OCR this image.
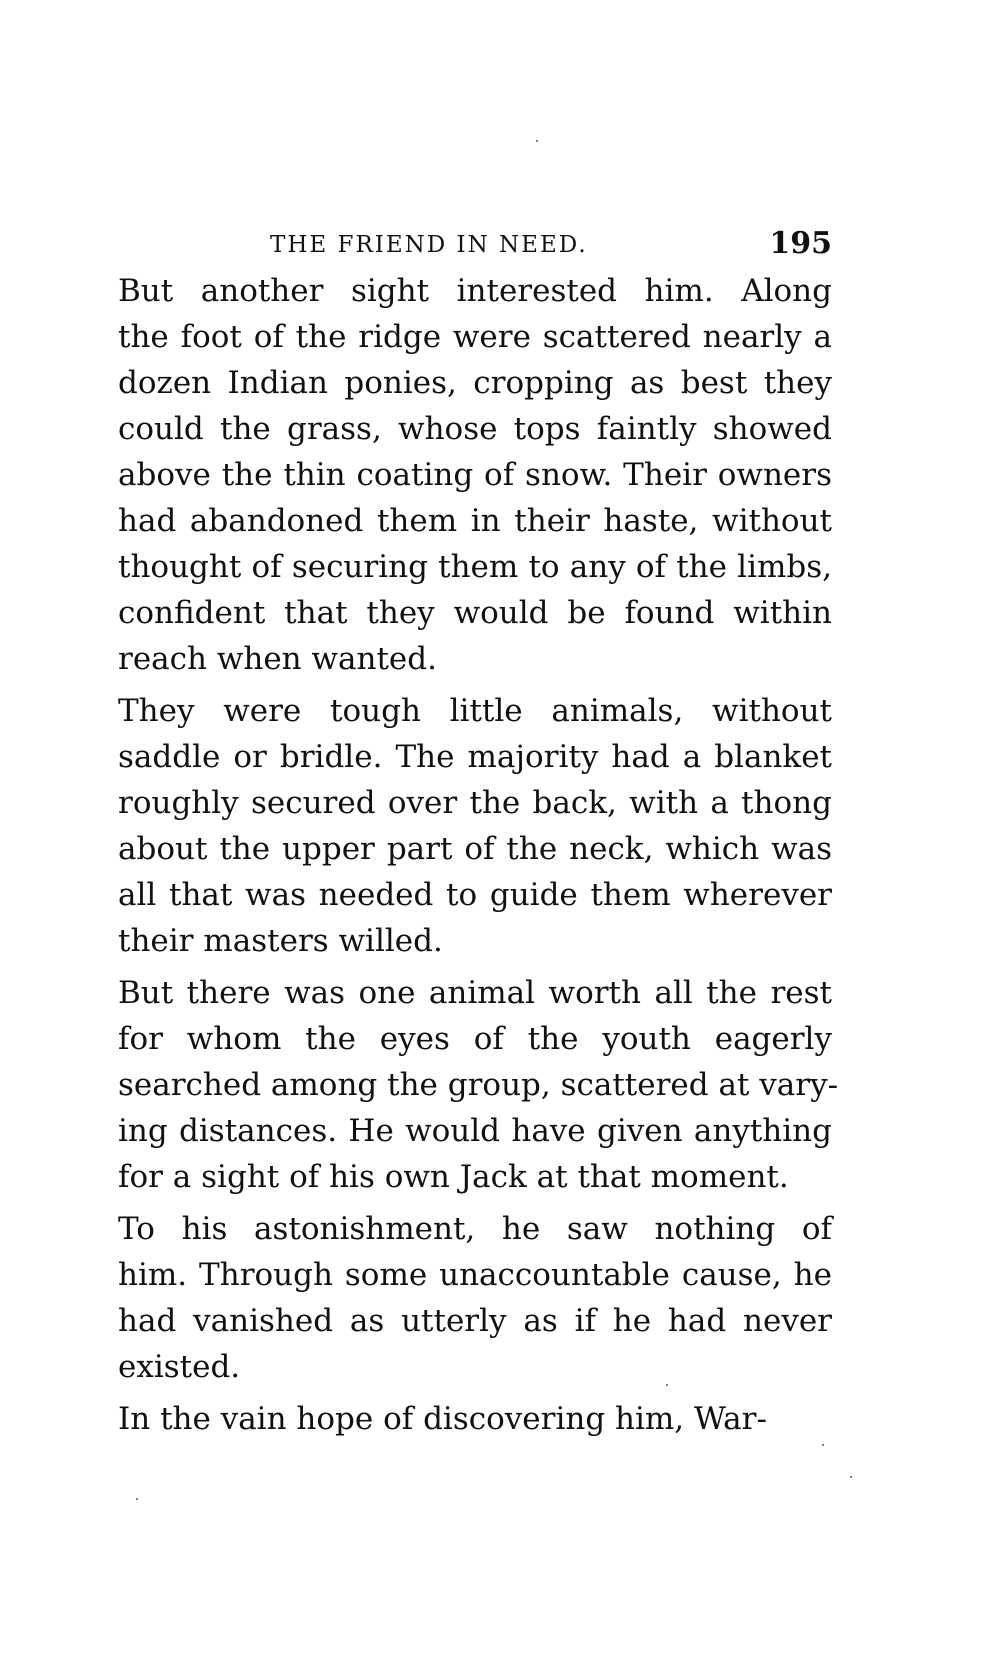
THE FRIEND IN NEED.	195

But another sight interested him. Along
the foot of the ridge were scattered nearly a
dozen Indian ponies, cropping as best they
could the grass, whose tops faintly showed
above the thin coating of snow. Their owners
had abandoned them in their haste, without
thought of securing them to any of the limbs,
confident that they would be found within
reach when wanted.

They were tough little animals, without
saddle or bridle. The majority had a blanket
roughly secured over the back, with a thong
about the upper part of the neck, which was
all that was needed to guide them wherever
their masters willed.

But there was one animal worth all the rest
for whom the eyes of the youth eagerly
searched among the group, scattered at vary-
ing distances. He would have given anything
for a sight of his own Jack at that moment.

To his astonishment, he saw nothing of
him. Through some unaccountable cause, he
had vanished as utterly as if he had never
existed.

In the vain hope of discovering him, War-
